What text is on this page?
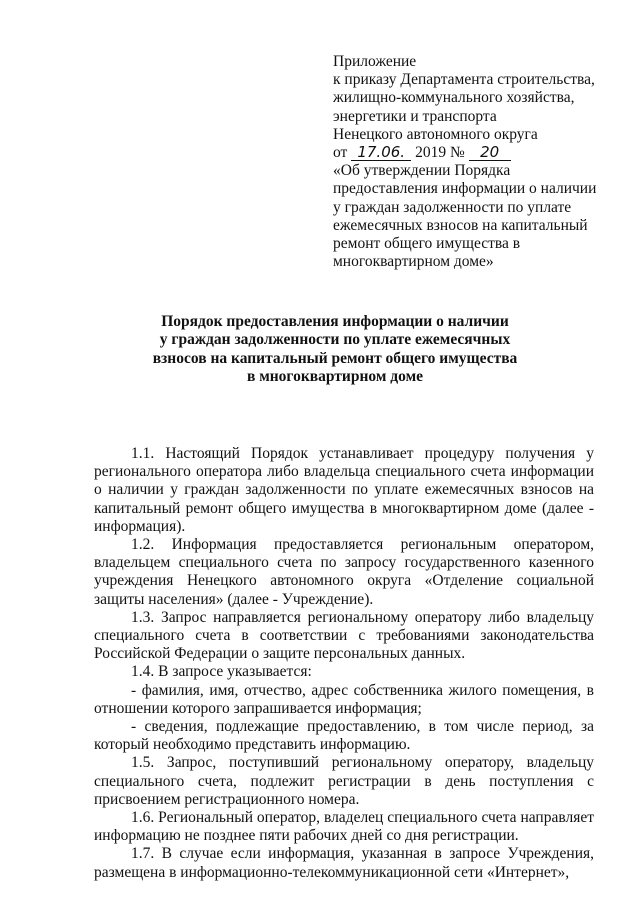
Приложение
к приказу Департамента строительства,
жилищно-коммунального хозяйства,
энергетики и транспорта
Ненецкого автономного округа
от 17.06. 2019 № 20
«Об утверждении Порядка
предоставления информации о наличии
у граждан задолженности по уплате
ежемесячных взносов на капитальный
ремонт общего имущества в
многоквартирном доме»
Порядок предоставления информации о наличии
у граждан задолженности по уплате ежемесячных
взносов на капитальный ремонт общего имущества
в многоквартирном доме

1.1. Настоящий Порядок устанавливает процедуру получения у регионального оператора либо владельца специального счета информации о наличии у граждан задолженности по уплате ежемесячных взносов на капитальный ремонт общего имущества в многоквартирном доме (далее - информация).

1.2. Информация предоставляется региональным оператором, владельцем специального счета по запросу государственного казенного учреждения Ненецкого автономного округа «Отделение социальной защиты населения» (далее - Учреждение).

1.3. Запрос направляется региональному оператору либо владельцу специального счета в соответствии с требованиями законодательства Российской Федерации о защите персональных данных.

1.4. В запросе указывается:

- фамилия, имя, отчество, адрес собственника жилого помещения, в отношении которого запрашивается информация;

- сведения, подлежащие предоставлению, в том числе период, за который необходимо представить информацию.

1.5. Запрос, поступивший региональному оператору, владельцу специального счета, подлежит регистрации в день поступления с присвоением регистрационного номера.

1.6. Региональный оператор, владелец специального счета направляет информацию не позднее пяти рабочих дней со дня регистрации.

1.7. В случае если информация, указанная в запросе Учреждения, размещена в информационно-телекоммуникационной сети «Интернет»,
